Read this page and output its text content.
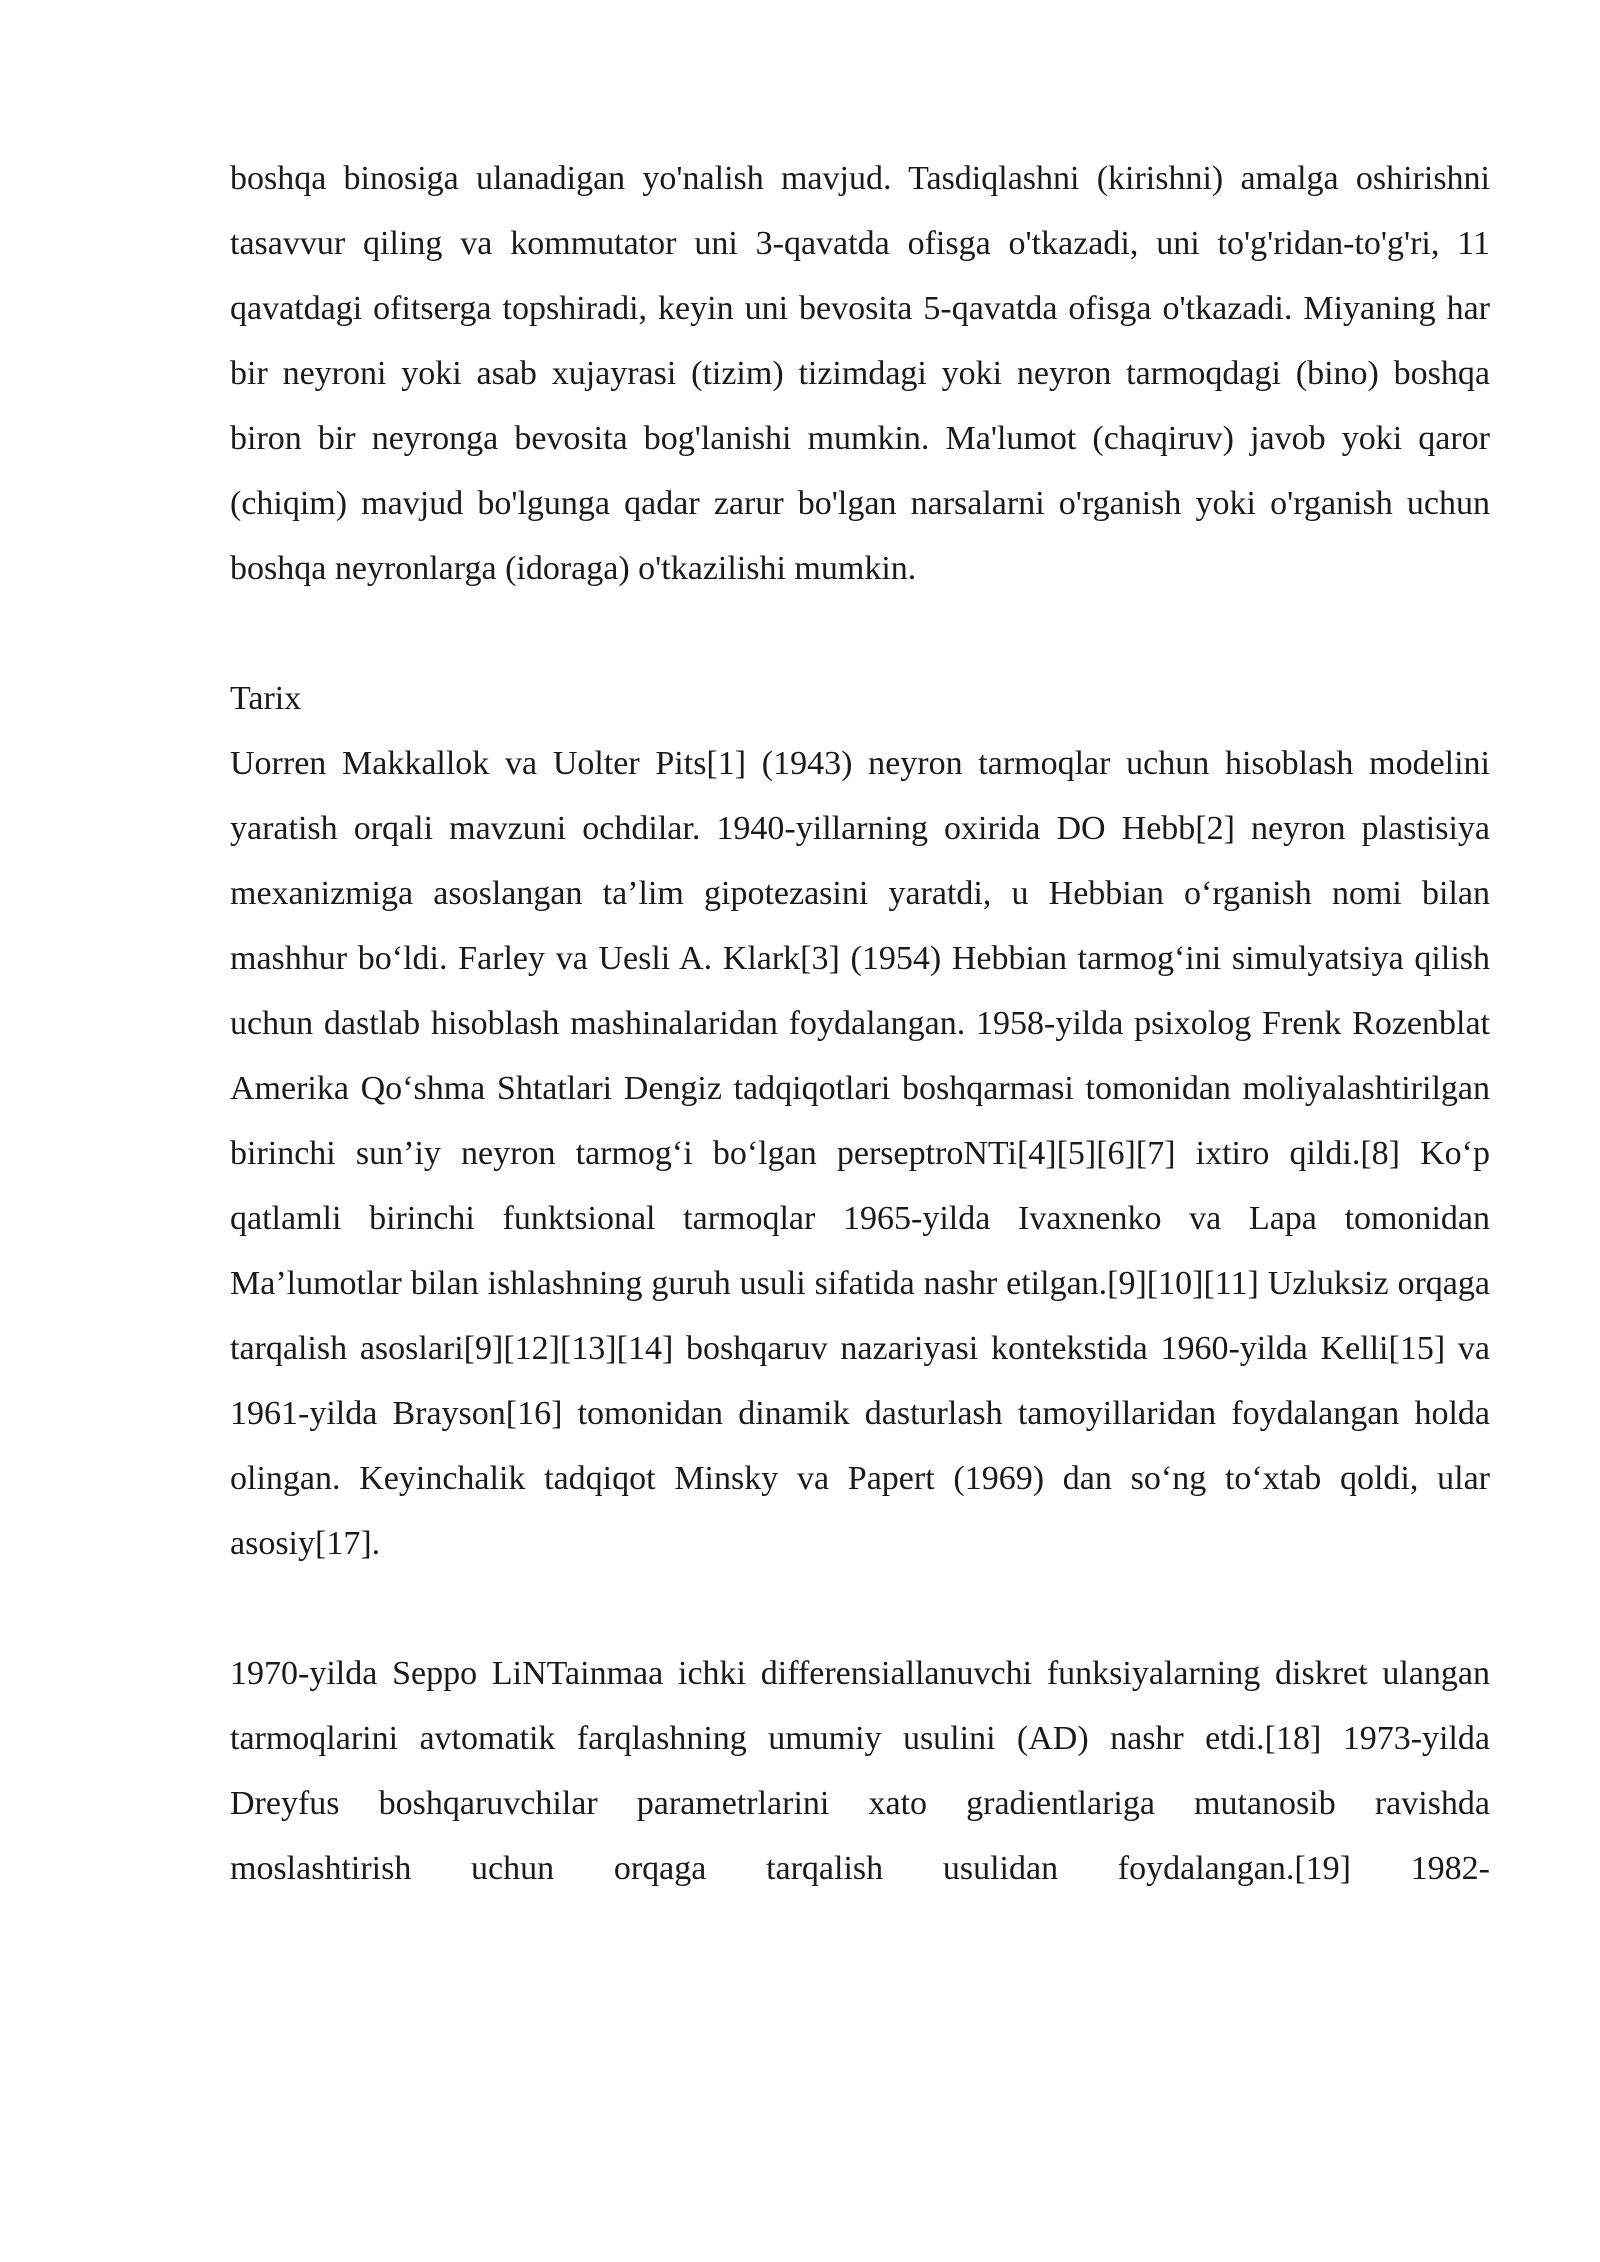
boshqa binosiga ulanadigan yo'nalish mavjud. Tasdiqlashni (kirishni) amalga oshirishni tasavvur qiling va kommutator uni 3-qavatda ofisga o'tkazadi, uni to'g'ridan-to'g'ri, 11 qavatdagi ofitserga topshiradi, keyin uni bevosita 5-qavatda ofisga o'tkazadi. Miyaning har bir neyroni yoki asab xujayrasi (tizim) tizimdagi yoki neyron tarmoqdagi (bino) boshqa biron bir neyronga bevosita bog'lanishi mumkin. Ma'lumot (chaqiruv) javob yoki qaror (chiqim) mavjud bo'lgunga qadar zarur bo'lgan narsalarni o'rganish yoki o'rganish uchun boshqa neyronlarga (idoraga) o'tkazilishi mumkin.

Tarix

Uorren Makkallok va Uolter Pits[1] (1943) neyron tarmoqlar uchun hisoblash modelini yaratish orqali mavzuni ochdilar. 1940-yillarning oxirida DO Hebb[2] neyron plastisiya mexanizmiga asoslangan ta’lim gipotezasini yaratdi, u Hebbian o‘rganish nomi bilan mashhur bo‘ldi. Farley va Uesli A. Klark[3] (1954) Hebbian tarmog‘ini simulyatsiya qilish uchun dastlab hisoblash mashinalaridan foydalangan. 1958-yilda psixolog Frenk Rozenblat Amerika Qo‘shma Shtatlari Dengiz tadqiqotlari boshqarmasi tomonidan moliyalashtirilgan birinchi sun’iy neyron tarmog‘i bo‘lgan perseptroNTi[4][5][6][7] ixtiro qildi.[8] Ko‘p qatlamli birinchi funktsional tarmoqlar 1965-yilda Ivaxnenko va Lapa tomonidan Ma’lumotlar bilan ishlashning guruh usuli sifatida nashr etilgan.[9][10][11] Uzluksiz orqaga tarqalish asoslari[9][12][13][14] boshqaruv nazariyasi kontekstida 1960-yilda Kelli[15] va 1961-yilda Brayson[16] tomonidan dinamik dasturlash tamoyillaridan foydalangan holda olingan. Keyinchalik tadqiqot Minsky va Papert (1969) dan so‘ng to‘xtab qoldi, ular asosiy[17].

1970-yilda Seppo LiNTainmaa ichki differensiallanuvchi funksiyalarning diskret ulangan tarmoqlarini avtomatik farqlashning umumiy usulini (AD) nashr etdi.[18] 1973-yilda Dreyfus boshqaruvchilar parametrlarini xato gradientlariga mutanosib ravishda moslashtirish uchun orqaga tarqalish usulidan foydalangan.[19] 1982-
